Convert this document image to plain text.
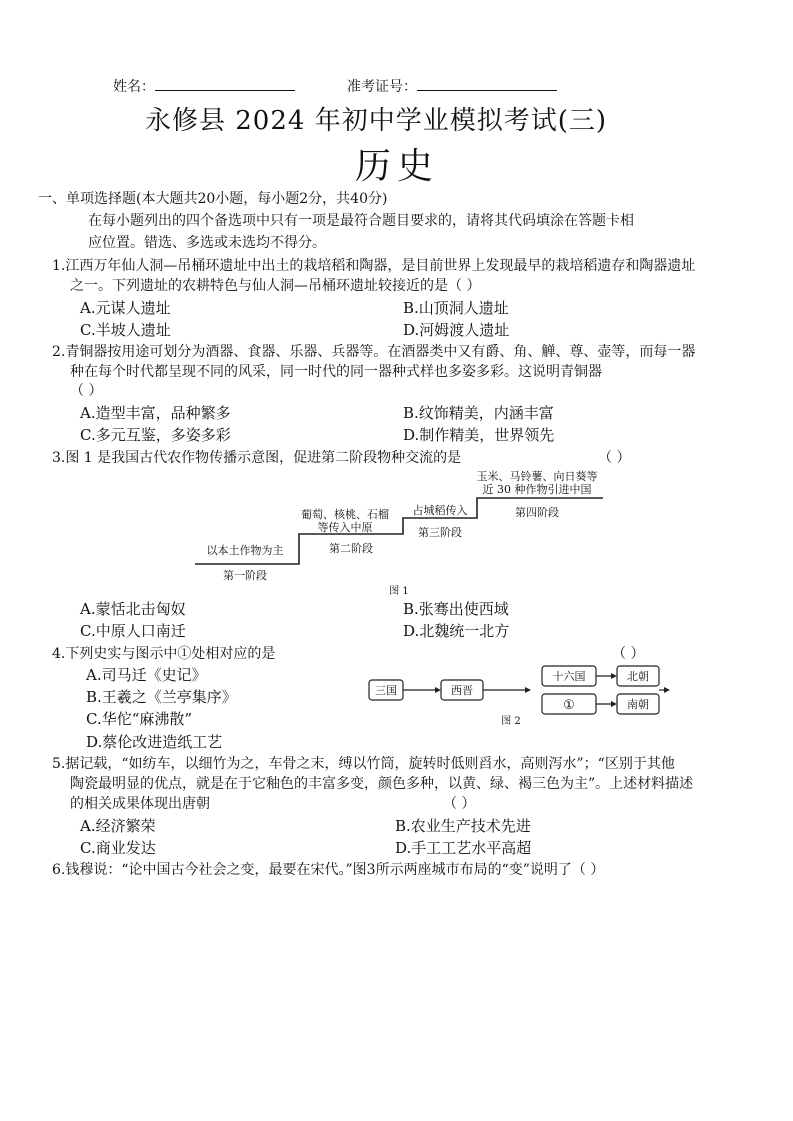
姓名：	准考证号：
永修县 2024 年初中学业模拟考试(三)
历史
一、单项选择题(本大题共20小题，每小题2分，共40分)
在每小题列出的四个备选项中只有一项是最符合题目要求的，请将其代码填涂在答题卡相
应位置。错选、多选或未选均不得分。
1.江西万年仙人洞—吊桶环遗址中出土的栽培稻和陶器，是目前世界上发现最早的栽培稻遗存和陶器遗址
之一。下列遗址的农耕特色与仙人洞—吊桶环遗址较接近的是（ ）
A.元谋人遗址	B.山顶洞人遗址
C.半坡人遗址	D.河姆渡人遗址
2.青铜器按用途可划分为酒器、食器、乐器、兵器等。在酒器类中又有爵、角、觯、尊、壶等，而每一器
种在每个时代都呈现不同的风采，同一时代的同一器种式样也多姿多彩。这说明青铜器
（ ）
A.造型丰富，品种繁多	B.纹饰精美，内涵丰富
C.多元互鉴，多姿多彩	D.制作精美，世界领先
3.图 1 是我国古代农作物传播示意图，促进第二阶段物种交流的是	（ ）
以本土作物为主
第一阶段
葡萄、核桃、石榴
等传入中原
第二阶段
占城稻传入
第三阶段
玉米、马铃薯、向日葵等
近 30 种作物引进中国
第四阶段
图 1
A.蒙恬北击匈奴	B.张骞出使西域
C.中原人口南迁	D.北魏统一北方
4.下列史实与图示中①处相对应的是	（ ）
A.司马迁《史记》
B.王羲之《兰亭集序》
C.华佗“麻沸散”
D.蔡伦改进造纸工艺
三国	西晋
十六国
①
北朝
南朝
图 2
5.据记载，“如纺车，以细竹为之，车骨之末，缚以竹筒，旋转时低则舀水，高则泻水”；“区别于其他
陶瓷最明显的优点，就是在于它釉色的丰富多变，颜色多种，以黄、绿、褐三色为主”。上述材料描述
的相关成果体现出唐朝	（ ）
A.经济繁荣	B.农业生产技术先进
C.商业发达	D.手工工艺水平高超
6.钱穆说：“论中国古今社会之变，最要在宋代。”图3所示两座城市布局的“变”说明了（ ）
